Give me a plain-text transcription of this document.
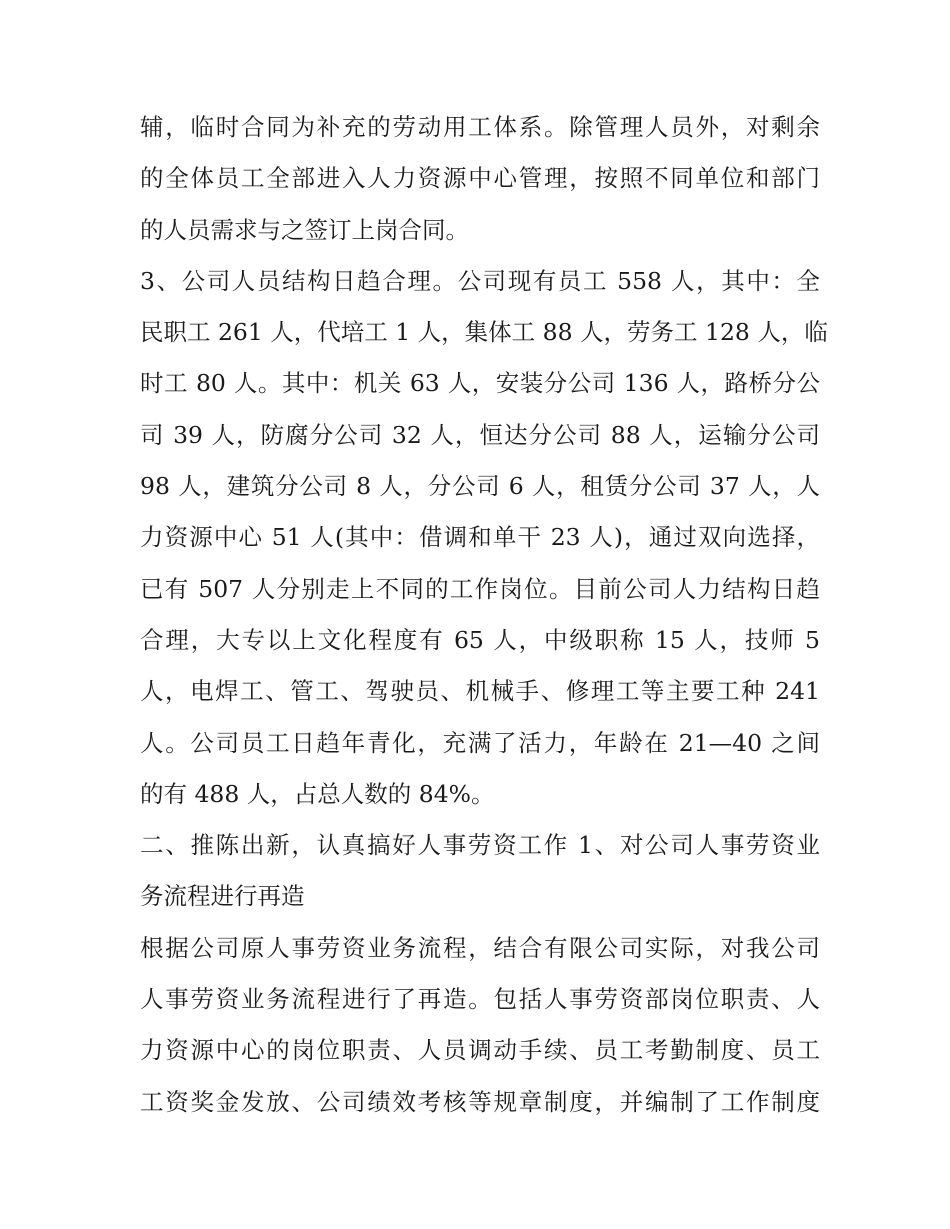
辅，临时合同为补充的劳动用工体系。除管理人员外，对剩余
的全体员工全部进入人力资源中心管理，按照不同单位和部门
的人员需求与之签订上岗合同。
3、公司人员结构日趋合理。公司现有员工 558 人，其中：全
民职工 261 人，代培工 1 人，集体工 88 人，劳务工 128 人，临
时工 80 人。其中：机关 63 人，安装分公司 136 人，路桥分公
司 39 人，防腐分公司 32 人，恒达分公司 88 人，运输分公司
98 人，建筑分公司 8 人，分公司 6 人，租赁分公司 37 人，人
力资源中心 51 人(其中：借调和单干 23 人)，通过双向选择，
已有 507 人分别走上不同的工作岗位。目前公司人力结构日趋
合理，大专以上文化程度有 65 人，中级职称 15 人，技师 5
人，电焊工、管工、驾驶员、机械手、修理工等主要工种 241
人。公司员工日趋年青化，充满了活力，年龄在 21—40 之间
的有 488 人，占总人数的 84%。
二、推陈出新，认真搞好人事劳资工作 1、对公司人事劳资业
务流程进行再造
根据公司原人事劳资业务流程，结合有限公司实际，对我公司
人事劳资业务流程进行了再造。包括人事劳资部岗位职责、人
力资源中心的岗位职责、人员调动手续、员工考勤制度、员工
工资奖金发放、公司绩效考核等规章制度，并编制了工作制度
